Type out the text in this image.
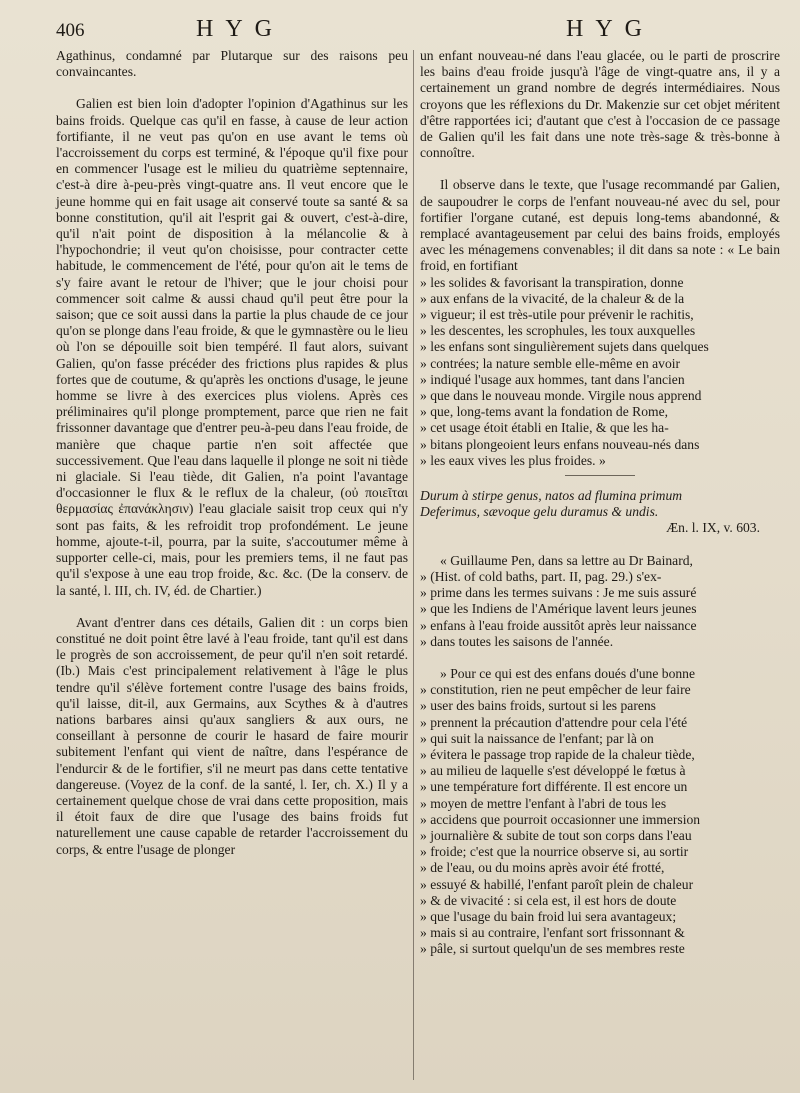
406	HYG	HYG

Agathinus, condamné par Plutarque sur des raisons peu convaincantes.

Galien est bien loin d'adopter l'opinion d'Agathinus sur les bains froids. Quelque cas qu'il en fasse, à cause de leur action fortifiante, il ne veut pas qu'on en use avant le tems où l'accroissement du corps est terminé, & l'époque qu'il fixe pour en commencer l'usage est le milieu du quatrième septennaire, c'est-à dire à-peu-près vingt-quatre ans. Il veut encore que le jeune homme qui en fait usage ait conservé toute sa santé & sa bonne constitution, qu'il ait l'esprit gai & ouvert, c'est-à-dire, qu'il n'ait point de disposition à la mélancolie & à l'hypochondrie; il veut qu'on choisisse, pour contracter cette habitude, le commencement de l'été, pour qu'on ait le tems de s'y faire avant le retour de l'hiver; que le jour choisi pour commencer soit calme & aussi chaud qu'il peut être pour la saison; que ce soit aussi dans la partie la plus chaude de ce jour qu'on se plonge dans l'eau froide, & que le gymnastère ou le lieu où l'on se dépouille soit bien tempéré. Il faut alors, suivant Galien, qu'on fasse précéder des frictions plus rapides & plus fortes que de coutume, & qu'après les onctions d'usage, le jeune homme se livre à des exercices plus violens. Après ces préliminaires qu'il plonge promptement, parce que rien ne fait frissonner davantage que d'entrer peu-à-peu dans l'eau froide, de manière que chaque partie n'en soit affectée que successivement. Que l'eau dans laquelle il plonge ne soit ni tiède ni glaciale. Si l'eau tiède, dit Galien, n'a point l'avantage d'occasionner le flux & le reflux de la chaleur, (οὐ ποιεῖται θερμασίας ἐπανάκλησιν) l'eau glaciale saisit trop ceux qui n'y sont pas faits, & les refroidit trop profondément. Le jeune homme, ajoute-t-il, pourra, par la suite, s'accoutumer même à supporter celle-ci, mais, pour les premiers tems, il ne faut pas qu'il s'expose à une eau trop froide, &c. &c. (De la conserv. de la santé, l. III, ch. IV, éd. de Chartier.)

Avant d'entrer dans ces détails, Galien dit : un corps bien constitué ne doit point être lavé à l'eau froide, tant qu'il est dans le progrès de son accroissement, de peur qu'il n'en soit retardé. (Ib.) Mais c'est principalement relativement à l'âge le plus tendre qu'il s'élève fortement contre l'usage des bains froids, qu'il laisse, dit-il, aux Germains, aux Scythes & à d'autres nations barbares ainsi qu'aux sangliers & aux ours, ne conseillant à personne de courir le hasard de faire mourir subitement l'enfant qui vient de naître, dans l'espérance de l'endurcir & de le fortifier, s'il ne meurt pas dans cette tentative dangereuse. (Voyez de la conf. de la santé, l. Ier, ch. X.) Il y a certainement quelque chose de vrai dans cette proposition, mais il étoit faux de dire que l'usage des bains froids fut naturellement une cause capable de retarder l'accroissement du corps, & entre l'usage de plonger

un enfant nouveau-né dans l'eau glacée, ou le parti de proscrire les bains d'eau froide jusqu'à l'âge de vingt-quatre ans, il y a certainement un grand nombre de degrés intermédiaires. Nous croyons que les réflexions du Dr. Makenzie sur cet objet méritent d'être rapportées ici; d'autant que c'est à l'occasion de ce passage de Galien qu'il les fait dans une note très-sage & très-bonne à connoître.

Il observe dans le texte, que l'usage recommandé par Galien, de saupoudrer le corps de l'enfant nouveau-né avec du sel, pour fortifier l'organe cutané, est depuis long-tems abandonné, & remplacé avantageusement par celui des bains froids, employés avec les ménagemens convenables; il dit dans sa note : « Le bain froid, en fortifiant

» les solides & favorisant la transpiration, donne

» aux enfans de la vivacité, de la chaleur & de la

» vigueur; il est très-utile pour prévenir le rachitis,

» les descentes, les scrophules, les toux auxquelles

» les enfans sont singulièrement sujets dans quelques

» contrées; la nature semble elle-même en avoir

» indiqué l'usage aux hommes, tant dans l'ancien

» que dans le nouveau monde. Virgile nous apprend

» que, long-tems avant la fondation de Rome,

» cet usage étoit établi en Italie, & que les ha-

» bitans plongeoient leurs enfans nouveau-nés dans

» les eaux vives les plus froides. »

Durum à stirpe genus, natos ad flumina primum

Deferimus, sævoque gelu duramus & undis.

Æn. l. IX, v. 603.

« Guillaume Pen, dans sa lettre au Dr Bainard,

» (Hist. of cold baths, part. II, pag. 29.) s'ex-

» prime dans les termes suivans : Je me suis assuré

» que les Indiens de l'Amérique lavent leurs jeunes

» enfans à l'eau froide aussitôt après leur naissance

» dans toutes les saisons de l'année.

» Pour ce qui est des enfans doués d'une bonne

» constitution, rien ne peut empêcher de leur faire

» user des bains froids, surtout si les parens

» prennent la précaution d'attendre pour cela l'été

» qui suit la naissance de l'enfant; par là on

» évitera le passage trop rapide de la chaleur tiède,

» au milieu de laquelle s'est développé le fœtus à

» une température fort différente. Il est encore un

» moyen de mettre l'enfant à l'abri de tous les

» accidens que pourroit occasionner une immersion

» journalière & subite de tout son corps dans l'eau

» froide; c'est que la nourrice observe si, au sortir

» de l'eau, ou du moins après avoir été frotté,

» essuyé & habillé, l'enfant paroît plein de chaleur

» & de vivacité : si cela est, il est hors de doute

» que l'usage du bain froid lui sera avantageux;

» mais si au contraire, l'enfant sort frissonnant &

» pâle, si surtout quelqu'un de ses membres reste
